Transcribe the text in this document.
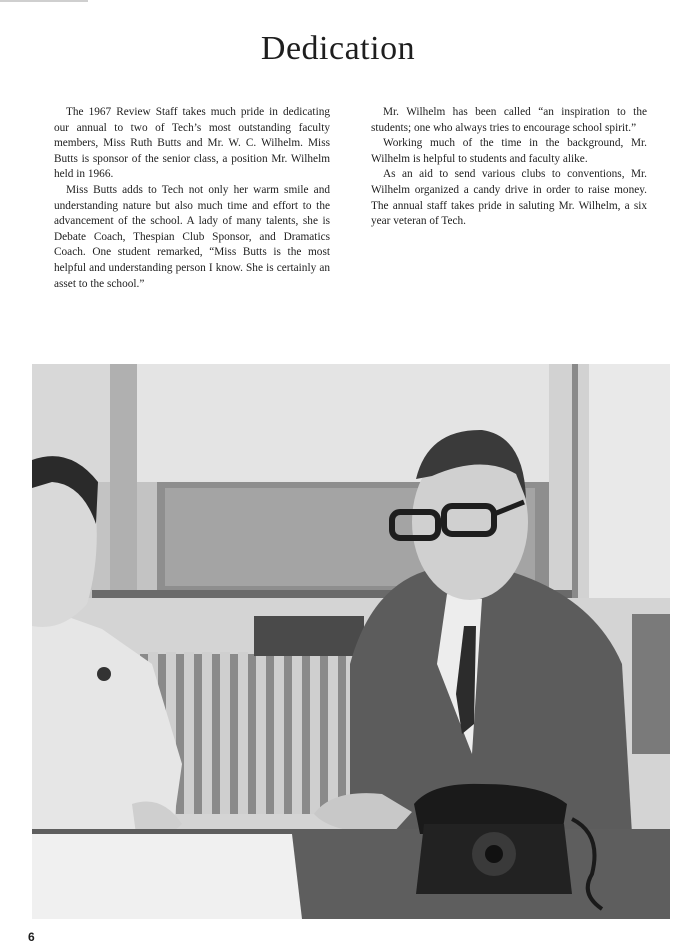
Dedication

The 1967 Review Staff takes much pride in dedicating our annual to two of Tech’s most outstanding faculty members, Miss Ruth Butts and Mr. W. C. Wilhelm. Miss Butts is sponsor of the senior class, a position Mr. Wilhelm held in 1966.

Miss Butts adds to Tech not only her warm smile and understanding nature but also much time and effort to the advancement of the school. A lady of many talents, she is Debate Coach, Thespian Club Sponsor, and Dramatics Coach. One student remarked, “Miss Butts is the most helpful and understanding person I know. She is certainly an asset to the school.”

Mr. Wilhelm has been called “an inspiration to the students; one who always tries to encourage school spirit.”

Working much of the time in the background, Mr. Wilhelm is helpful to students and faculty alike.

As an aid to send various clubs to conventions, Mr. Wilhelm organized a candy drive in order to raise money. The annual staff takes pride in saluting Mr. Wilhelm, a six year veteran of Tech.

6
